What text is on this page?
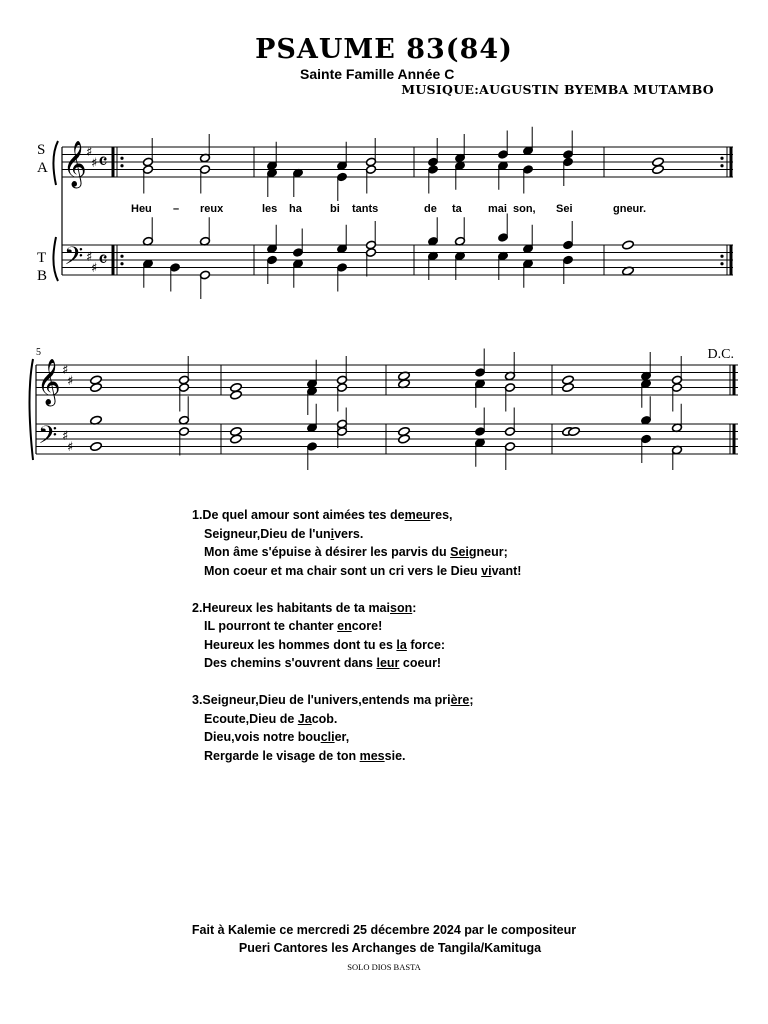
PSAUME 83(84)
Sainte Famille Année C
MUSIQUE:AUGUSTIN BYEMBA MUTAMBO
S
A
T
B
Heu – reux	les ha	bi tants	de ta mai son, Sei	gneur.
5	D.C.
𝄞
𝄢
♯
♯
♯
♯
𝄴
𝄴
𝄞
𝄢
♯
♯
♯
♯
1.De quel amour sont aimées tes demeures,
Seigneur,Dieu de l'univers.
Mon âme s'épuise à désirer les parvis du Seigneur;
Mon coeur et ma chair sont un cri vers le Dieu vivant!
2.Heureux les habitants de ta maison:
IL pourront te chanter encore!
Heureux les hommes dont tu es la force:
Des chemins s'ouvrent dans leur coeur!
3.Seigneur,Dieu de l'univers,entends ma prière;
Ecoute,Dieu de Jacob.
Dieu,vois notre bouclier,
Rergarde le visage de ton messie.
Fait à Kalemie ce mercredi 25 décembre 2024 par le compositeur
Pueri Cantores les Archanges de Tangila/Kamituga
SOLO DIOS BASTA
